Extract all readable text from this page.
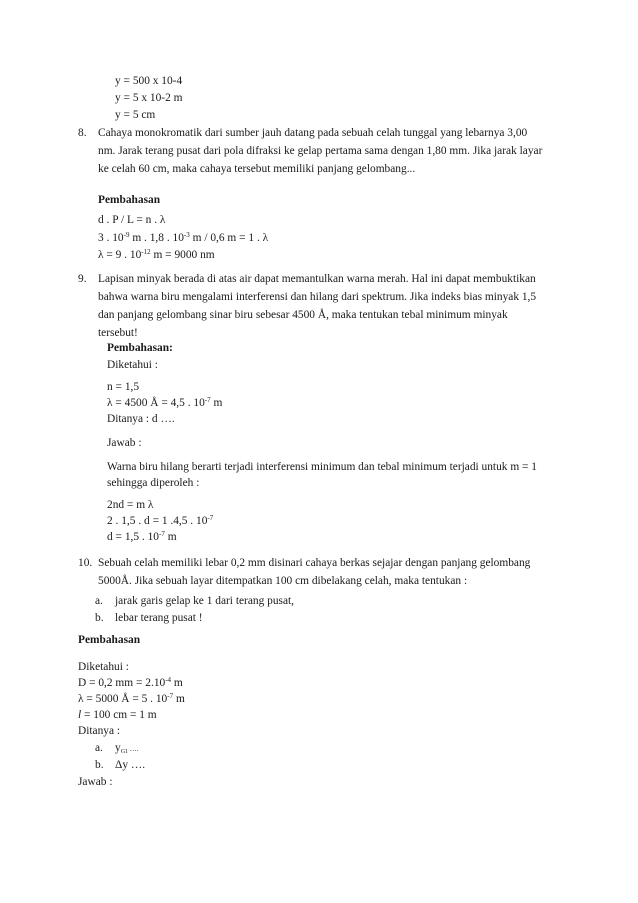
y = 500 x 10-4
y = 5 x 10-2 m
y = 5 cm
8. Cahaya monokromatik dari sumber jauh datang pada sebuah celah tunggal yang lebarnya 3,00
nm. Jarak terang pusat dari pola difraksi ke gelap pertama sama dengan 1,80 mm. Jika jarak layar
ke celah 60 cm, maka cahaya tersebut memiliki panjang gelombang...
Pembahasan
d . P / L = n . λ
3 . $10^{-9}$ m . 1,8 . $10^{-3}$ m / 0,6 m = 1 . λ
λ = 9 . $10^{-12}$ m = 9000 nm
9. Lapisan minyak berada di atas air dapat memantulkan warna merah. Hal ini dapat membuktikan
bahwa warna biru mengalami interferensi dan hilang dari spektrum. Jika indeks bias minyak 1,5
dan panjang gelombang sinar biru sebesar 4500 Å, maka tentukan tebal minimum minyak
tersebut!
Pembahasan:
Diketahui :
n = 1,5
λ = 4500 Å = 4,5 . $10^{-7}$ m
Ditanya : d ….
Jawab :
Warna biru hilang berarti terjadi interferensi minimum dan tebal minimum terjadi untuk m = 1
sehingga diperoleh :
2nd = m λ
2 . 1,5 . d = 1 .4,5 . $10^{-7}$
d = 1,5 . $10^{-7}$ m
10. Sebuah celah memiliki lebar 0,2 mm disinari cahaya berkas sejajar dengan panjang gelombang
5000Å. Jika sebuah layar ditempatkan 100 cm dibelakang celah, maka tentukan :
a. jarak garis gelap ke 1 dari terang pusat,
b. lebar terang pusat !
Pembahasan
Diketahui :
D = 0,2 mm = $2.10^{-4}$ m
λ = 5000 Å = 5 . $10^{-7}$ m
l = 100 cm = 1 m
Ditanya :
a. yG1 ….
b. Δy ….
Jawab :
